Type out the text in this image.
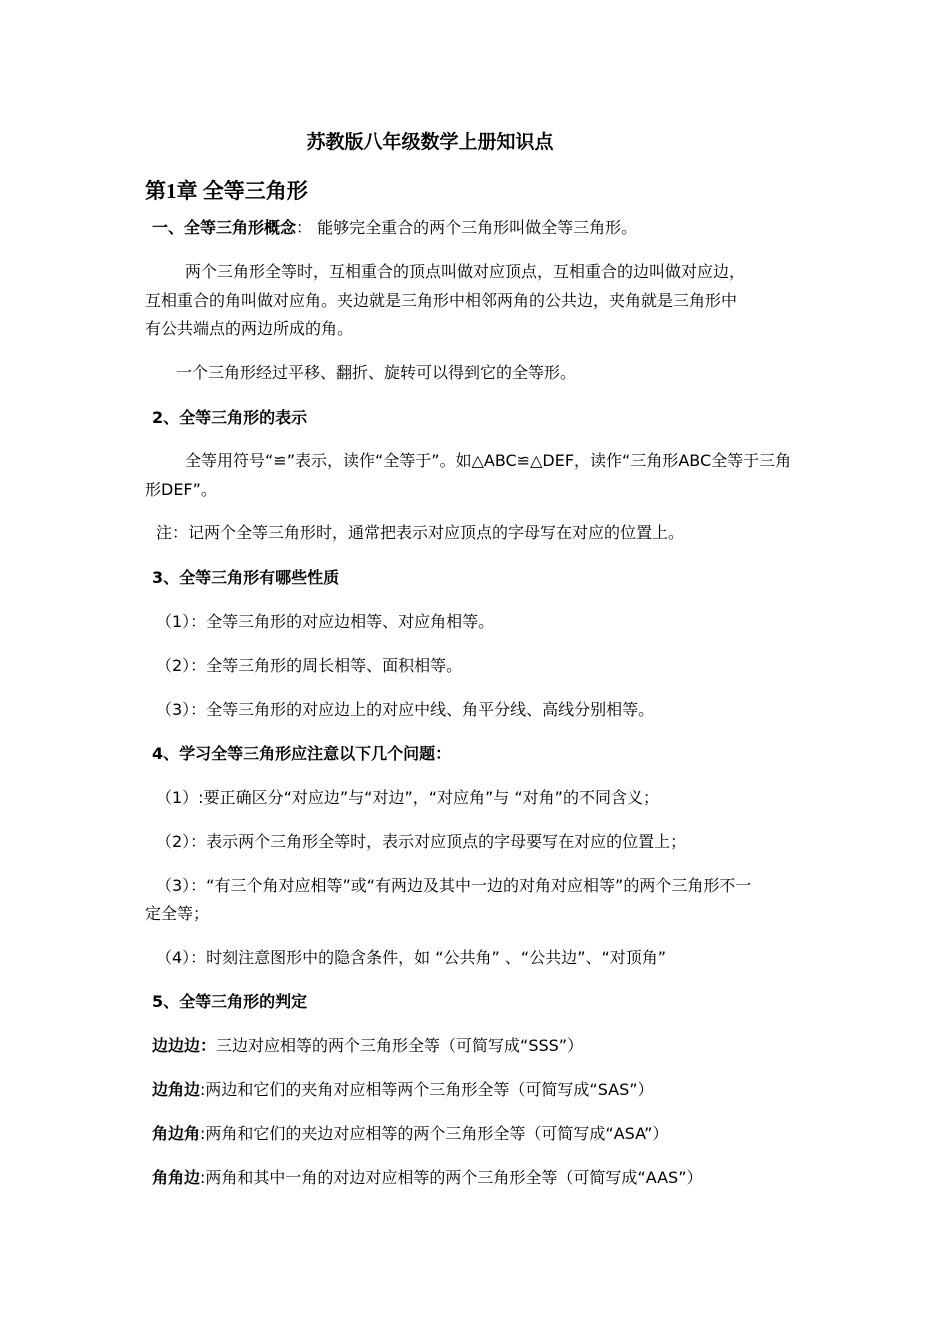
苏教版八年级数学上册知识点
第1章 全等三角形
一、全等三角形概念： 能够完全重合的两个三角形叫做全等三角形。
两个三角形全等时，互相重合的顶点叫做对应顶点，互相重合的边叫做对应边，
互相重合的角叫做对应角。夹边就是三角形中相邻两角的公共边，夹角就是三角形中
有公共端点的两边所成的角。
一个三角形经过平移、翻折、旋转可以得到它的全等形。
2、全等三角形的表示
全等用符号“≌”表示，读作“全等于”。如△ABC≌△DEF，读作“三角形ABC全等于三角
形DEF”。
注：记两个全等三角形时，通常把表示对应顶点的字母写在对应的位置上。
3、全等三角形有哪些性质
（1）：全等三角形的对应边相等、对应角相等。
（2）：全等三角形的周长相等、面积相等。
（3）：全等三角形的对应边上的对应中线、角平分线、高线分别相等。
4、学习全等三角形应注意以下几个问题：
（1）:要正确区分“对应边”与“对边”，“对应角”与 “对角”的不同含义；
（2）：表示两个三角形全等时，表示对应顶点的字母要写在对应的位置上；
（3）：“有三个角对应相等”或“有两边及其中一边的对角对应相等”的两个三角形不一
定全等；
（4）：时刻注意图形中的隐含条件，如 “公共角” 、“公共边”、“对顶角”
5、全等三角形的判定
边边边：三边对应相等的两个三角形全等（可简写成“SSS”）
边角边:两边和它们的夹角对应相等两个三角形全等（可简写成“SAS”）
角边角:两角和它们的夹边对应相等的两个三角形全等（可简写成“ASA”）
角角边:两角和其中一角的对边对应相等的两个三角形全等（可简写成“AAS”）
